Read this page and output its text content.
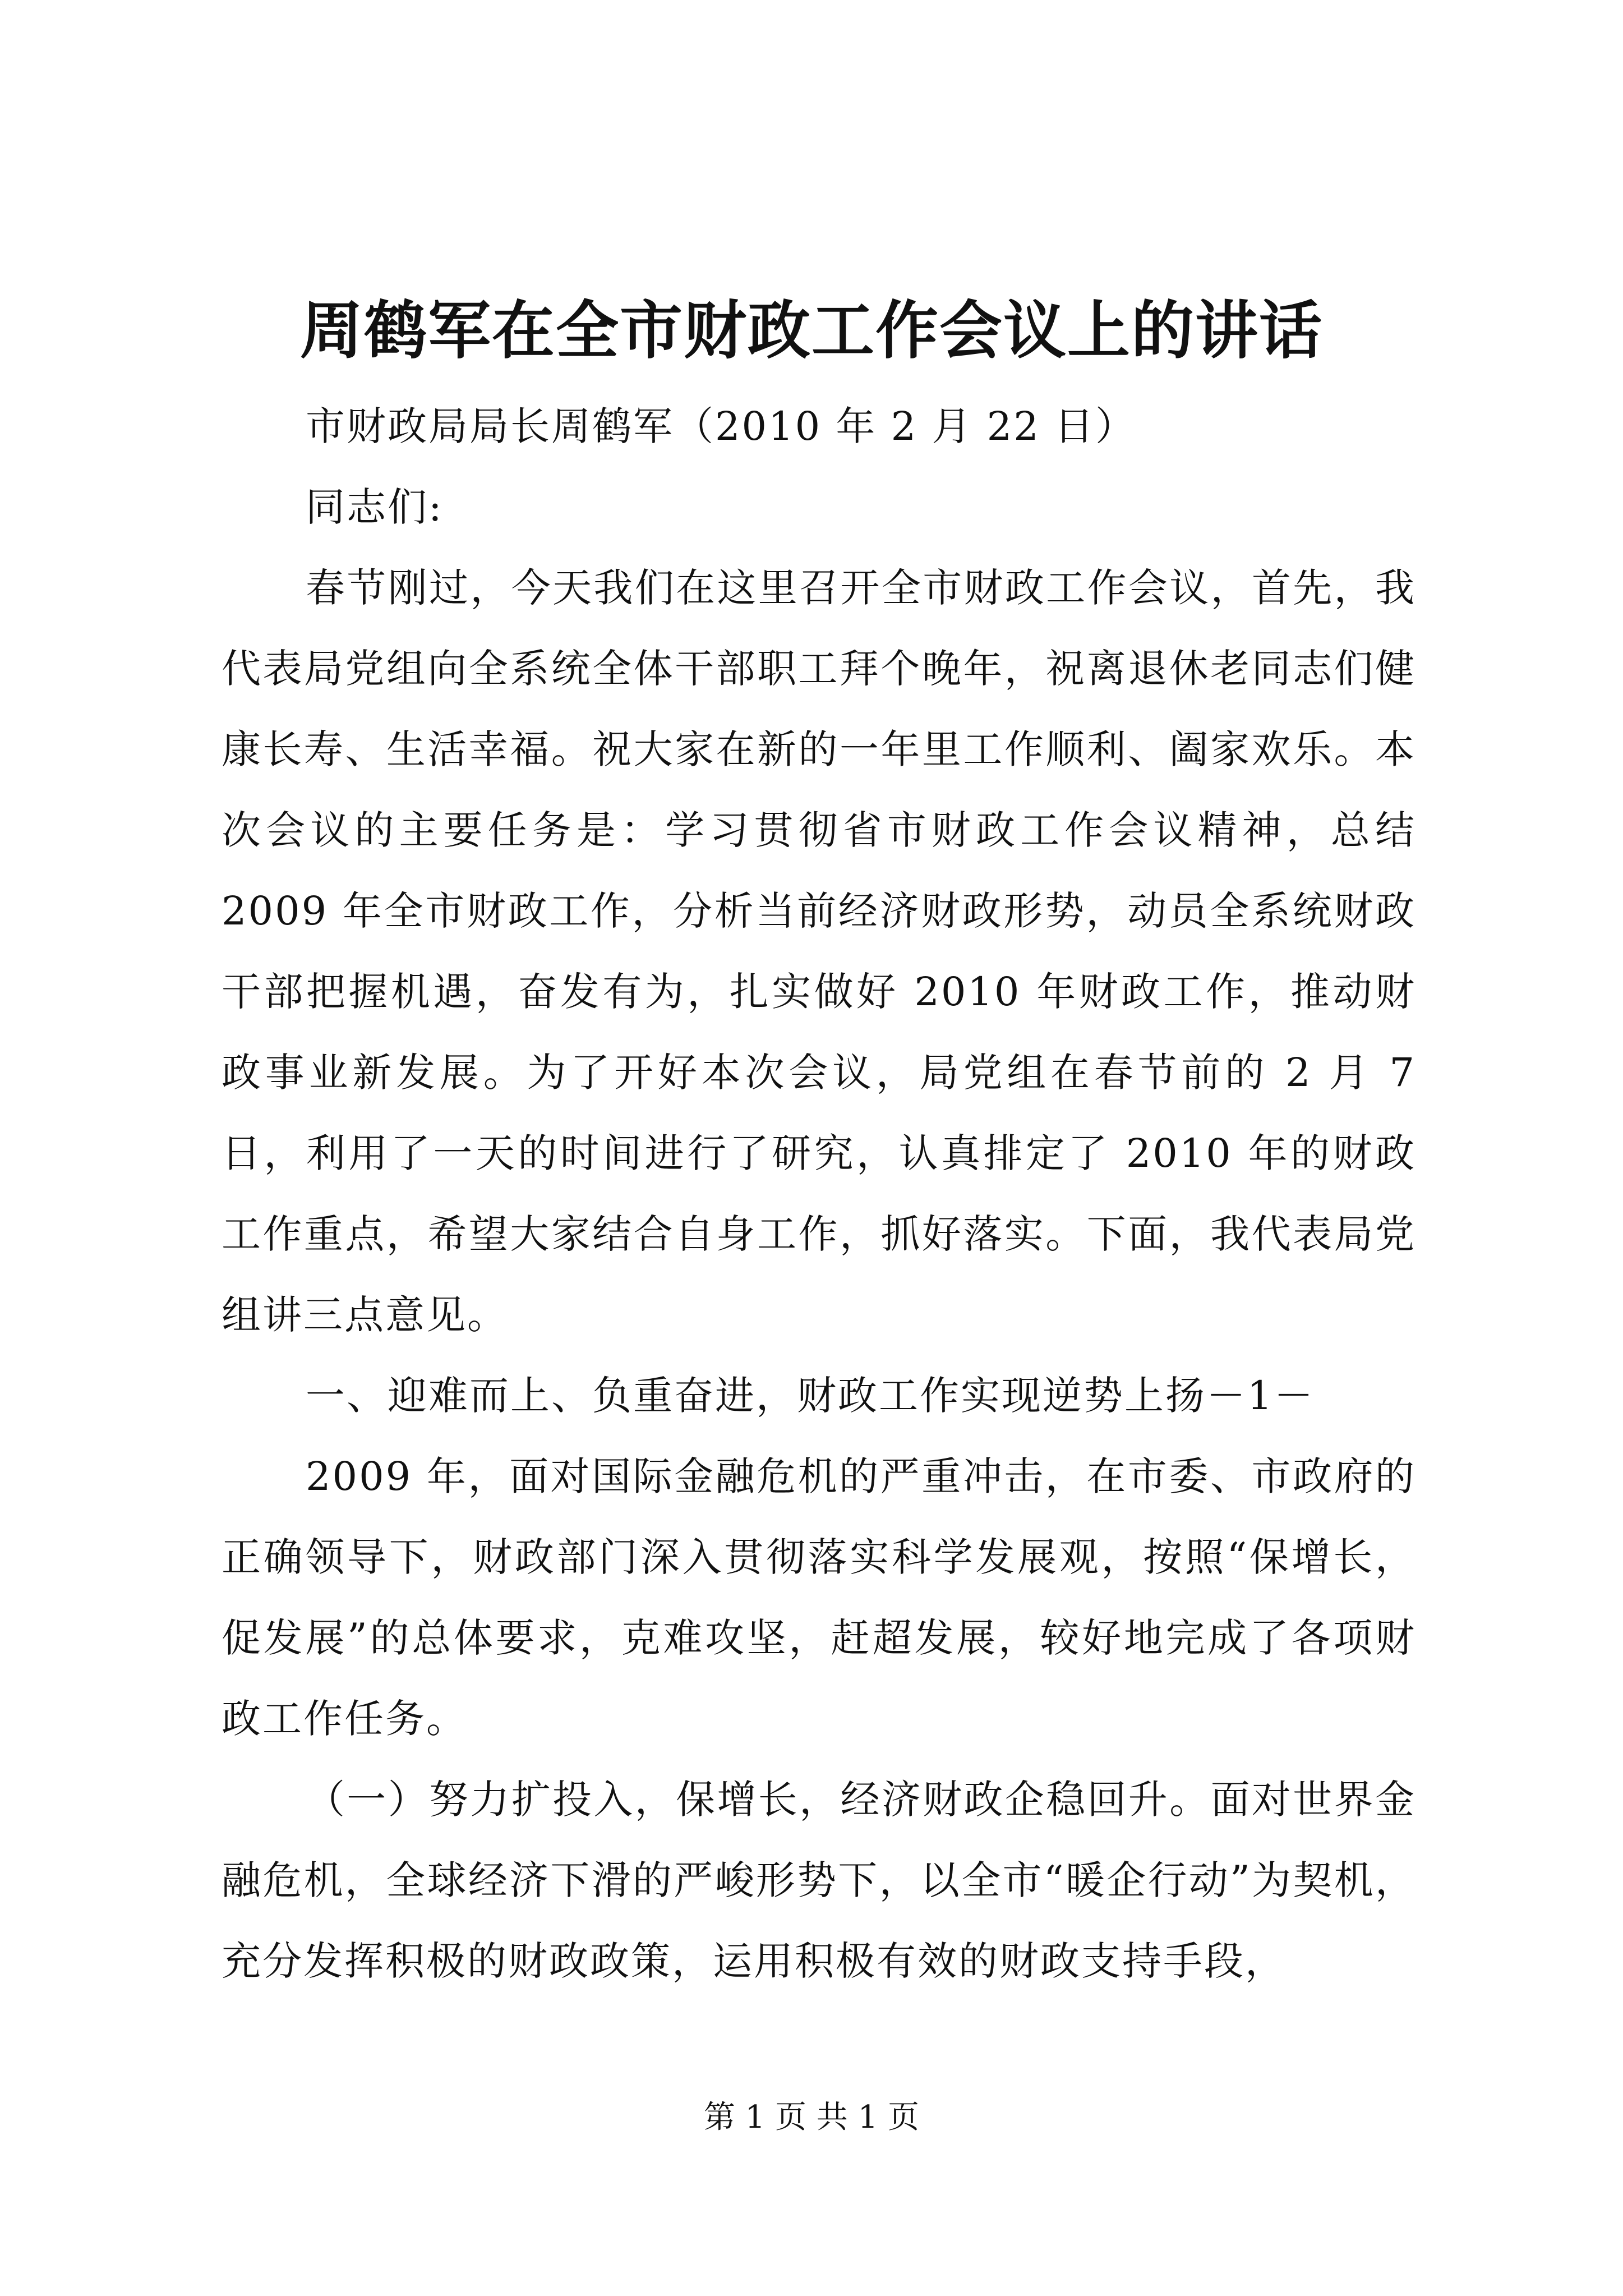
周鹤军在全市财政工作会议上的讲话

市财政局局长周鹤军（2010 年 2 月 22 日）

同志们:

春节刚过，今天我们在这里召开全市财政工作会议，首先，我代表局党组向全系统全体干部职工拜个晚年，祝离退休老同志们健康长寿、生活幸福。祝大家在新的一年里工作顺利、阖家欢乐。本次会议的主要任务是：学习贯彻省市财政工作会议精神，总结 2009 年全市财政工作，分析当前经济财政形势，动员全系统财政干部把握机遇，奋发有为，扎实做好 2010 年财政工作，推动财政事业新发展。为了开好本次会议，局党组在春节前的 2 月 7 日，利用了一天的时间进行了研究，认真排定了 2010 年的财政工作重点，希望大家结合自身工作，抓好落实。下面，我代表局党组讲三点意见。

一、迎难而上、负重奋进，财政工作实现逆势上扬－1－

2009 年，面对国际金融危机的严重冲击，在市委、市政府的正确领导下，财政部门深入贯彻落实科学发展观，按照“保增长，促发展”的总体要求，克难攻坚，赶超发展，较好地完成了各项财政工作任务。

（一）努力扩投入，保增长，经济财政企稳回升。面对世界金融危机，全球经济下滑的严峻形势下，以全市“暖企行动”为契机，充分发挥积极的财政政策，运用积极有效的财政支持手段，

第 1 页 共 1 页
